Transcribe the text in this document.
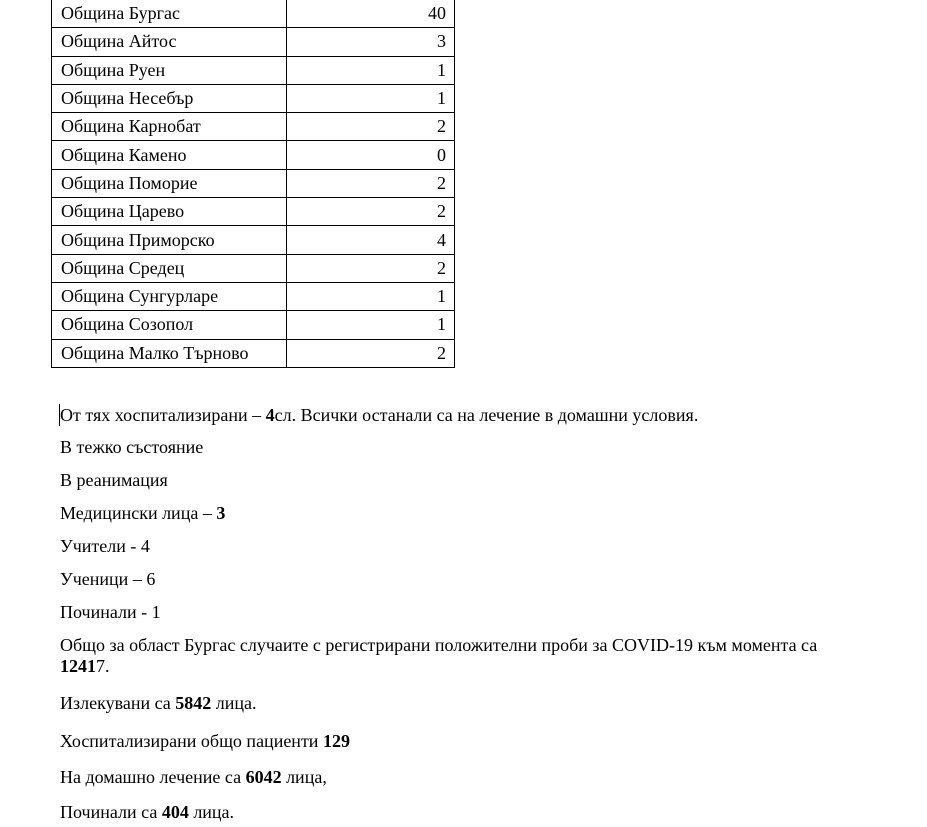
Община Бургас	40
Община Айтос	3
Община Руен	1
Община Несебър	1
Община Карнобат	2
Община Камено	0
Община Поморие	2
Община Царево	2
Община Приморско	4
Община Средец	2
Община Сунгурларе	1
Община Созопол	1
Община Малко Търново	2
От тях хоспитализирани – 4сл. Всички останали са на лечение в домашни условия.
В тежко състояние
В реанимация
Медицински лица – 3
Учители - 4
Ученици – 6
Починали - 1
Общо за област Бургас случаите с регистрирани положителни проби за COVID-19 към момента са 12417.
Излекувани са 5842 лица.
Хоспитализирани общо пациенти 129
На домашно лечение са 6042 лица,
Починали са 404 лица.
